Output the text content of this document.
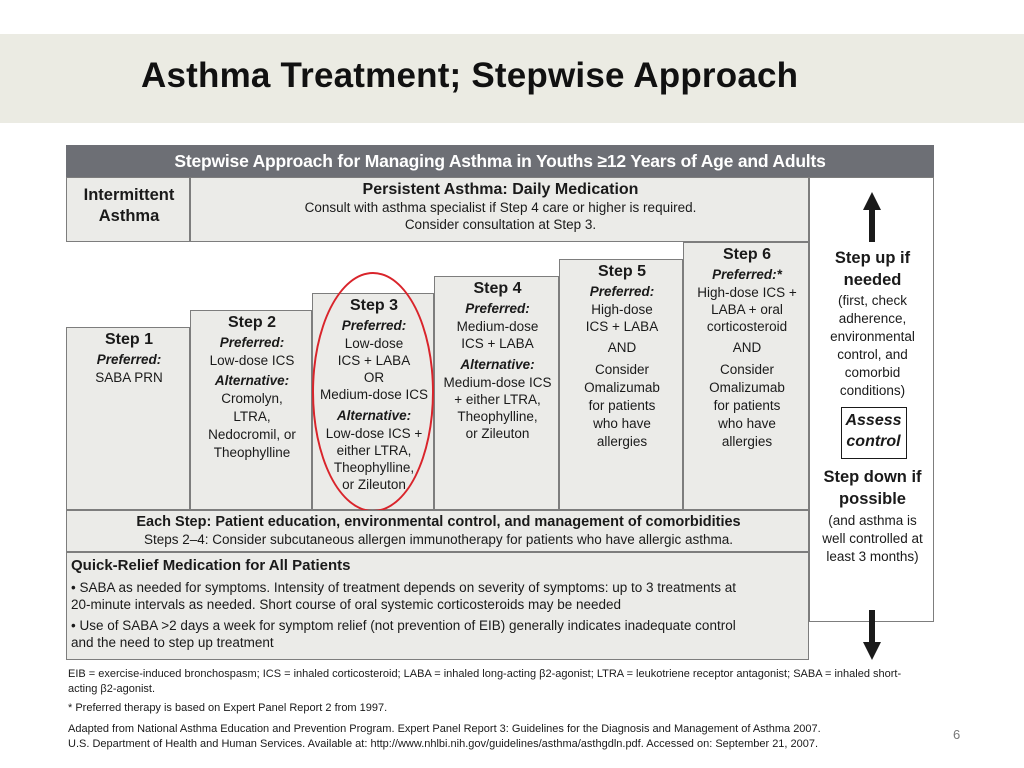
Asthma Treatment; Stepwise Approach
Stepwise Approach for Managing Asthma in Youths ≥12 Years of Age and Adults
Intermittent
Asthma
Persistent Asthma: Daily Medication
Consult with asthma specialist if Step 4 care or higher is required.
Consider consultation at Step 3.
Step up if
needed
(first, check
adherence,
environmental
control, and
comorbid
conditions)
Step down if
possible
(and asthma is
well controlled at
least 3 months)
Assess
control
Step 1
Preferred:
SABA PRN
Step 2
Preferred:
Low-dose ICS
Alternative:
Cromolyn,
LTRA,
Nedocromil, or
Theophylline
Step 3
Preferred:
Low-dose
ICS + LABA
OR
Medium-dose ICS
Alternative:
Low-dose ICS +
either LTRA,
Theophylline,
or Zileuton
Step 4
Preferred:
Medium-dose
ICS + LABA
Alternative:
Medium-dose ICS
+ either LTRA,
Theophylline,
or Zileuton
Step 5
Preferred:
High-dose
ICS + LABA
AND
Consider
Omalizumab
for patients
who have
allergies
Step 6
Preferred:*
High-dose ICS +
LABA + oral
corticosteroid
AND
Consider
Omalizumab
for patients
who have
allergies
Each Step: Patient education, environmental control, and management of comorbidities
Steps 2–4: Consider subcutaneous allergen immunotherapy for patients who have allergic asthma.
Quick-Relief Medication for All Patients
• SABA as needed for symptoms. Intensity of treatment depends on severity of symptoms: up to 3 treatments at
20-minute intervals as needed. Short course of oral systemic corticosteroids may be needed
• Use of SABA >2 days a week for symptom relief (not prevention of EIB) generally indicates inadequate control
and the need to step up treatment
EIB = exercise-induced bronchospasm; ICS = inhaled corticosteroid; LABA = inhaled long-acting β2-agonist; LTRA = leukotriene receptor antagonist; SABA = inhaled short-
acting β2-agonist.
* Preferred therapy is based on Expert Panel Report 2 from 1997.
Adapted from National Asthma Education and Prevention Program. Expert Panel Report 3: Guidelines for the Diagnosis and Management of Asthma 2007.
U.S. Department of Health and Human Services. Available at: http://www.nhlbi.nih.gov/guidelines/asthma/asthgdln.pdf. Accessed on: September 21, 2007.
6
